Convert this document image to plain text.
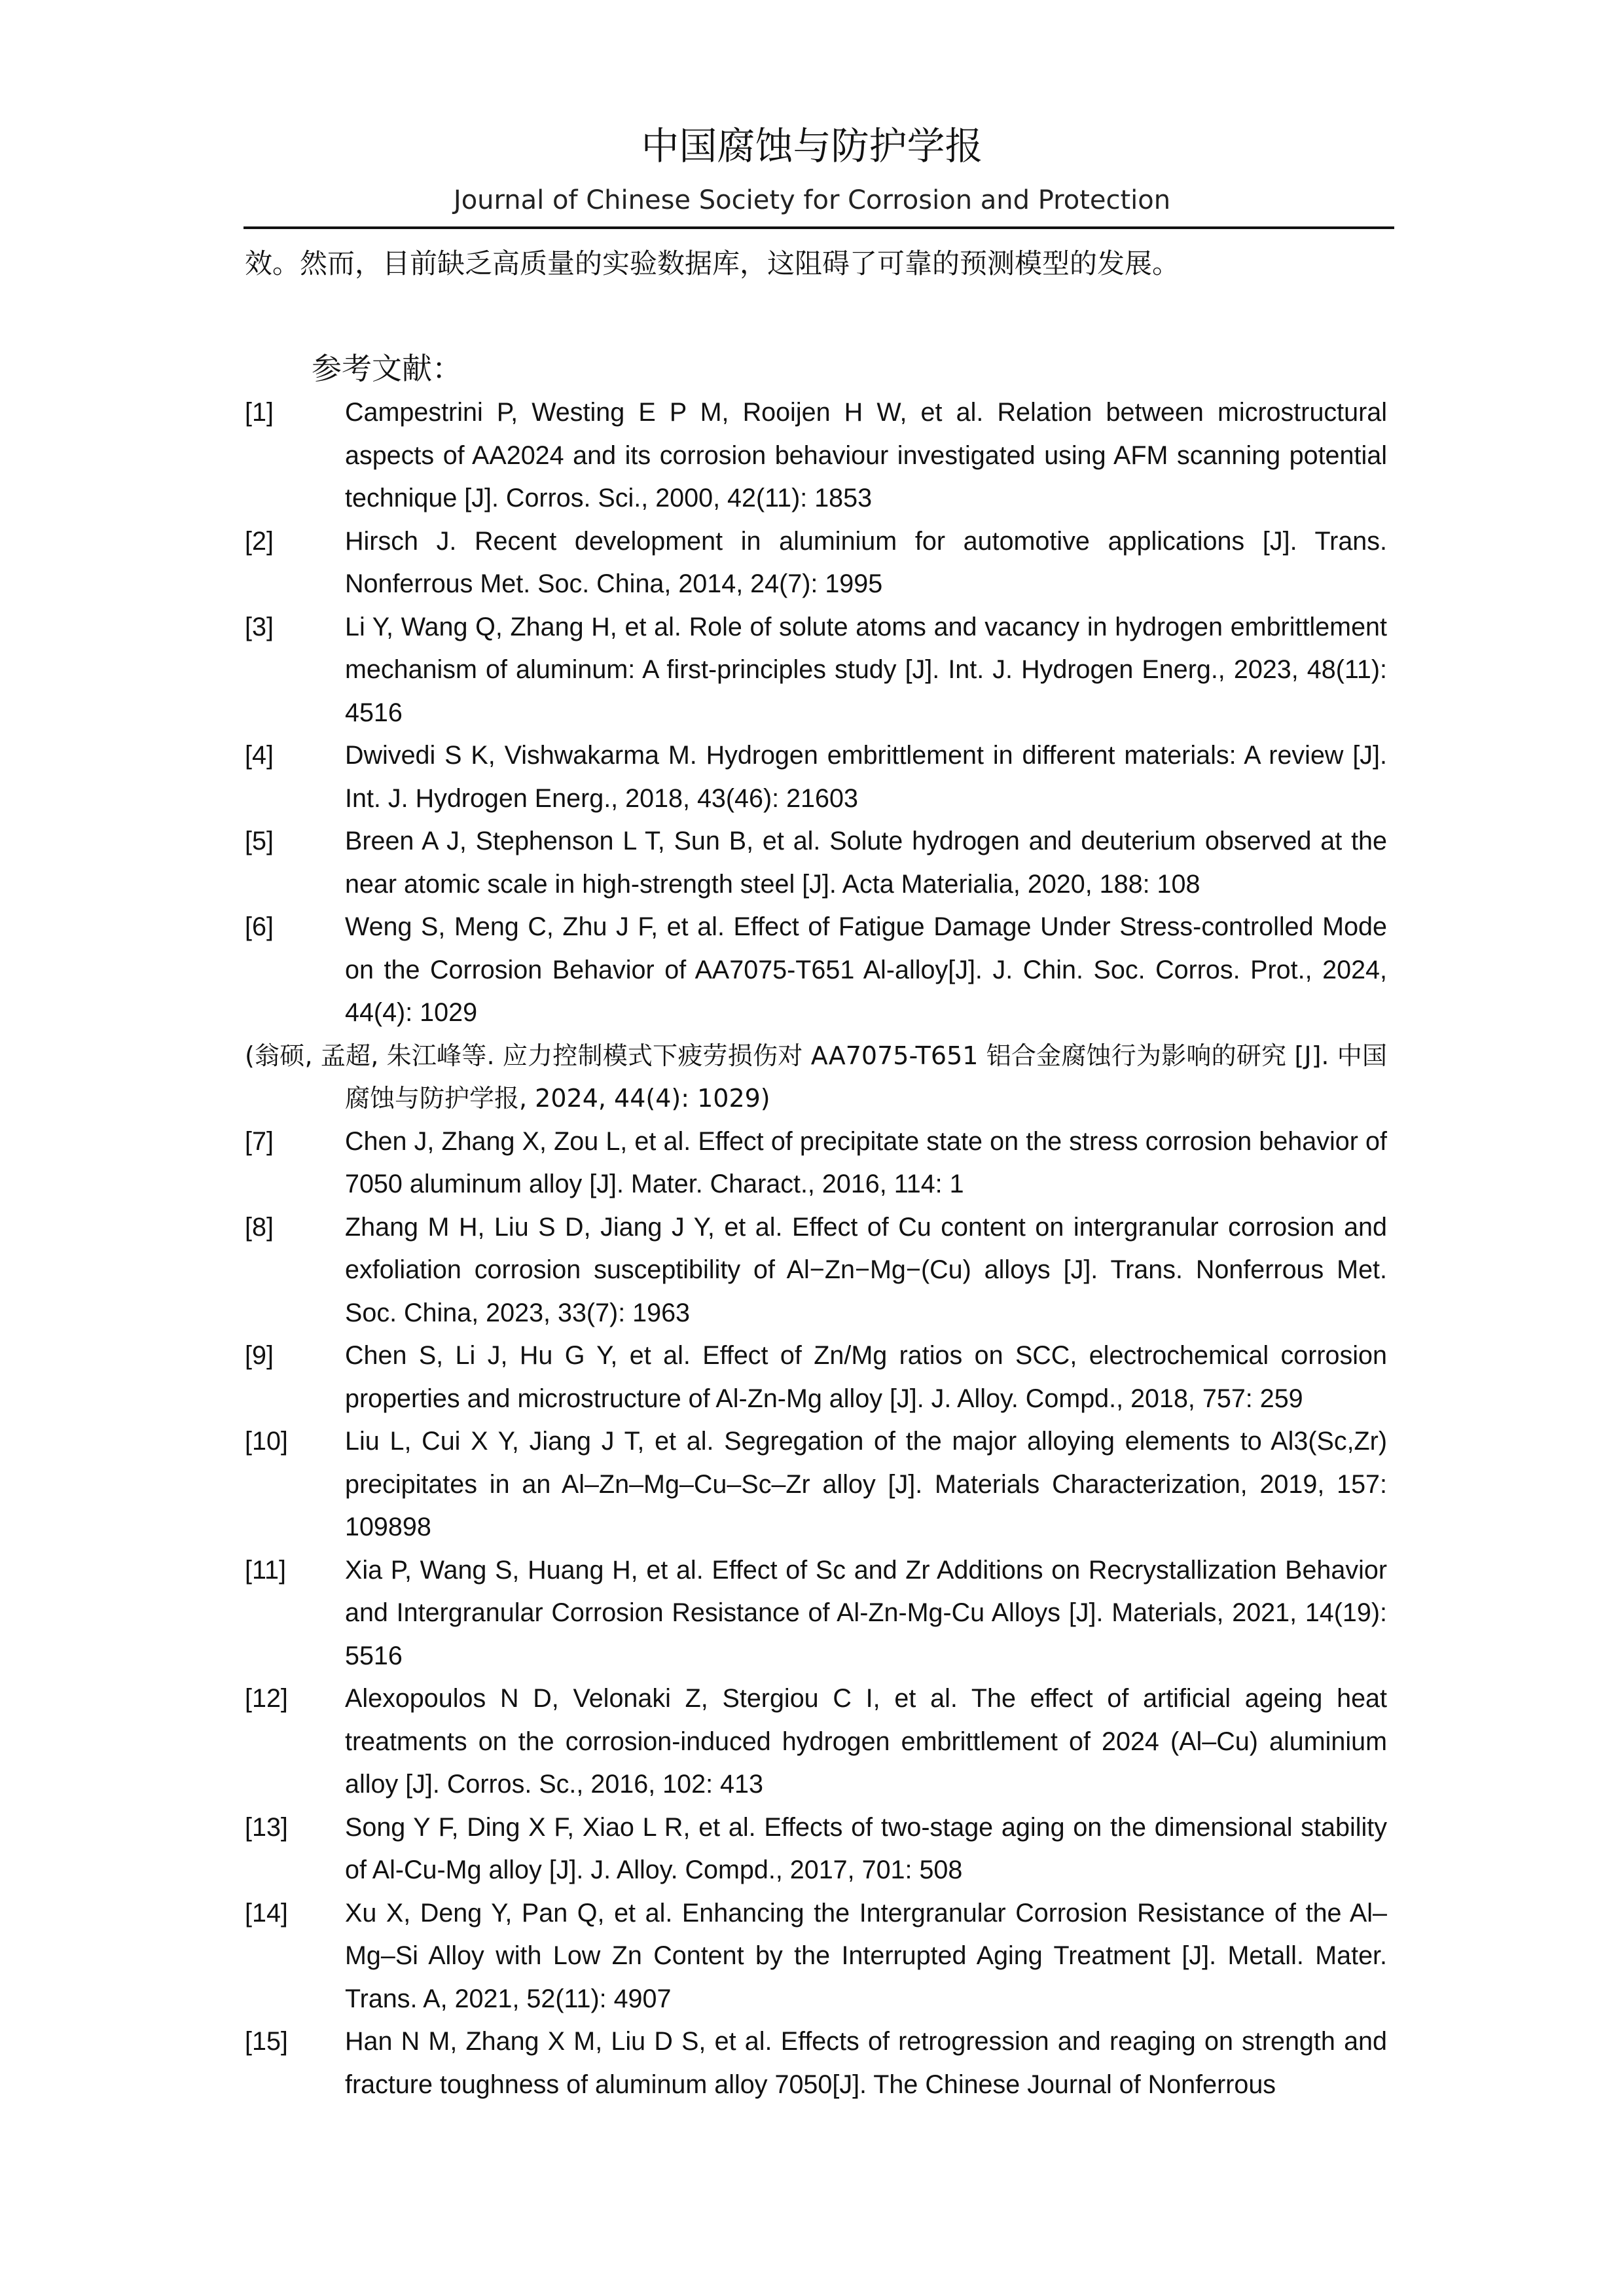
中国腐蚀与防护学报
Journal of Chinese Society for Corrosion and Protection
效。然而，目前缺乏高质量的实验数据库，这阻碍了可靠的预测模型的发展。
参考文献：
[1]	Campestrini P, Westing E P M, Rooijen H W, et al. Relation between microstructural aspects of AA2024 and its corrosion behaviour investigated using AFM scanning potential technique [J]. Corros. Sci., 2000, 42(11): 1853
[2]	Hirsch J. Recent development in aluminium for automotive applications [J]. Trans. Nonferrous Met. Soc. China, 2014, 24(7): 1995
[3]	Li Y, Wang Q, Zhang H, et al. Role of solute atoms and vacancy in hydrogen embrittlement mechanism of aluminum: A first-principles study [J]. Int. J. Hydrogen Energ., 2023, 48(11): 4516
[4]	Dwivedi S K, Vishwakarma M. Hydrogen embrittlement in different materials: A review [J]. Int. J. Hydrogen Energ., 2018, 43(46): 21603
[5]	Breen A J, Stephenson L T, Sun B, et al. Solute hydrogen and deuterium observed at the near atomic scale in high-strength steel [J]. Acta Materialia, 2020, 188: 108
[6]	Weng S, Meng C, Zhu J F, et al. Effect of Fatigue Damage Under Stress-controlled Mode on the Corrosion Behavior of AA7075-T651 Al-alloy[J]. J. Chin. Soc. Corros. Prot., 2024, 44(4): 1029
(翁硕, 孟超, 朱江峰等. 应力控制模式下疲劳损伤对 AA7075-T651 铝合金腐蚀行为影响的研究 [J]. 中国腐蚀与防护学报, 2024, 44(4): 1029)
[7]	Chen J, Zhang X, Zou L, et al. Effect of precipitate state on the stress corrosion behavior of 7050 aluminum alloy [J]. Mater. Charact., 2016, 114: 1
[8]	Zhang M H, Liu S D, Jiang J Y, et al. Effect of Cu content on intergranular corrosion and exfoliation corrosion susceptibility of Al−Zn−Mg−(Cu) alloys [J]. Trans. Nonferrous Met. Soc. China, 2023, 33(7): 1963
[9]	Chen S, Li J, Hu G Y, et al. Effect of Zn/Mg ratios on SCC, electrochemical corrosion properties and microstructure of Al-Zn-Mg alloy [J]. J. Alloy. Compd., 2018, 757: 259
[10]	Liu L, Cui X Y, Jiang J T, et al. Segregation of the major alloying elements to Al3(Sc,Zr) precipitates in an Al–Zn–Mg–Cu–Sc–Zr alloy [J]. Materials Characterization, 2019, 157: 109898
[11]	Xia P, Wang S, Huang H, et al. Effect of Sc and Zr Additions on Recrystallization Behavior and Intergranular Corrosion Resistance of Al-Zn-Mg-Cu Alloys [J]. Materials, 2021, 14(19): 5516
[12]	Alexopoulos N D, Velonaki Z, Stergiou C I, et al. The effect of artificial ageing heat treatments on the corrosion-induced hydrogen embrittlement of 2024 (Al–Cu) aluminium alloy [J]. Corros. Sc., 2016, 102: 413
[13]	Song Y F, Ding X F, Xiao L R, et al. Effects of two-stage aging on the dimensional stability of Al-Cu-Mg alloy [J]. J. Alloy. Compd., 2017, 701: 508
[14]	Xu X, Deng Y, Pan Q, et al. Enhancing the Intergranular Corrosion Resistance of the Al–Mg–Si Alloy with Low Zn Content by the Interrupted Aging Treatment [J]. Metall. Mater. Trans. A, 2021, 52(11): 4907
[15]	Han N M, Zhang X M, Liu D S, et al. Effects of retrogression and reaging on strength and fracture toughness of aluminum alloy 7050[J]. The Chinese Journal of Nonferrous
